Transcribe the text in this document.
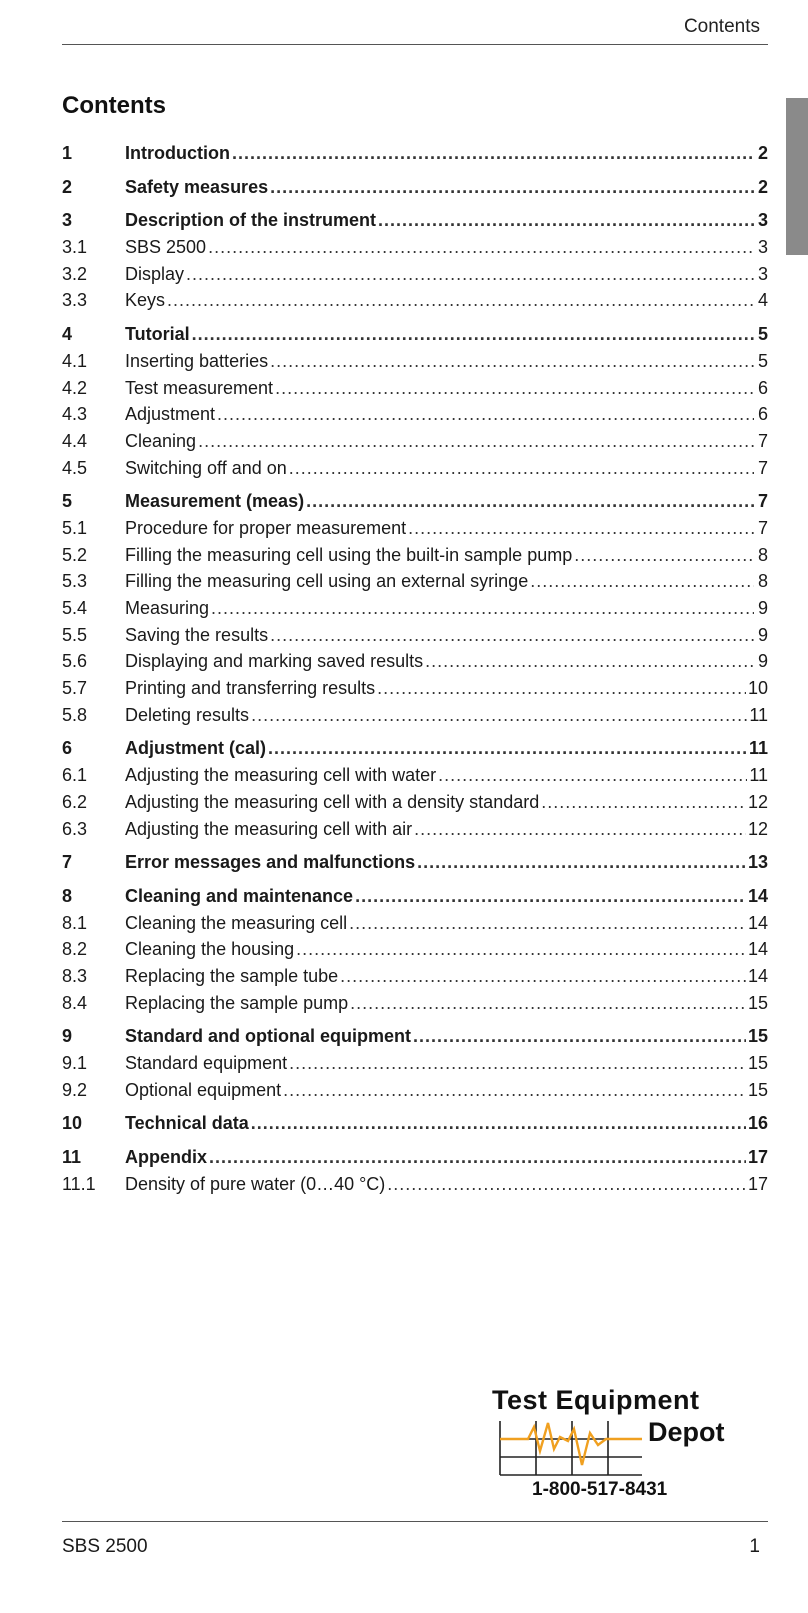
Contents
Contents
1	Introduction .....	2
2	Safety measures .....	2
3	Description of the instrument .....	3
3.1	SBS 2500 .....	3
3.2	Display .....	3
3.3	Keys .....	4
4	Tutorial .....	5
4.1	Inserting batteries .....	5
4.2	Test measurement .....	6
4.3	Adjustment .....	6
4.4	Cleaning .....	7
4.5	Switching off and on .....	7
5	Measurement (meas) .....	7
5.1	Procedure for proper measurement .....	7
5.2	Filling the measuring cell using the built-in sample pump .....	8
5.3	Filling the measuring cell using an external syringe .....	8
5.4	Measuring .....	9
5.5	Saving the results .....	9
5.6	Displaying and marking saved results .....	9
5.7	Printing and transferring results .....	10
5.8	Deleting results .....	11
6	Adjustment (cal) .....	11
6.1	Adjusting the measuring cell with water .....	11
6.2	Adjusting the measuring cell with a density standard .....	12
6.3	Adjusting the measuring cell with air .....	12
7	Error messages and malfunctions .....	13
8	Cleaning and maintenance .....	14
8.1	Cleaning the measuring cell .....	14
8.2	Cleaning the housing .....	14
8.3	Replacing the sample tube .....	14
8.4	Replacing the sample pump .....	15
9	Standard and optional equipment .....	15
9.1	Standard equipment .....	15
9.2	Optional equipment .....	15
10	Technical data .....	16
11	Appendix .....	17
11.1	Density of pure water (0…40 °C) .....	17
Test Equipment
Depot
1-800-517-8431
SBS 2500	1
